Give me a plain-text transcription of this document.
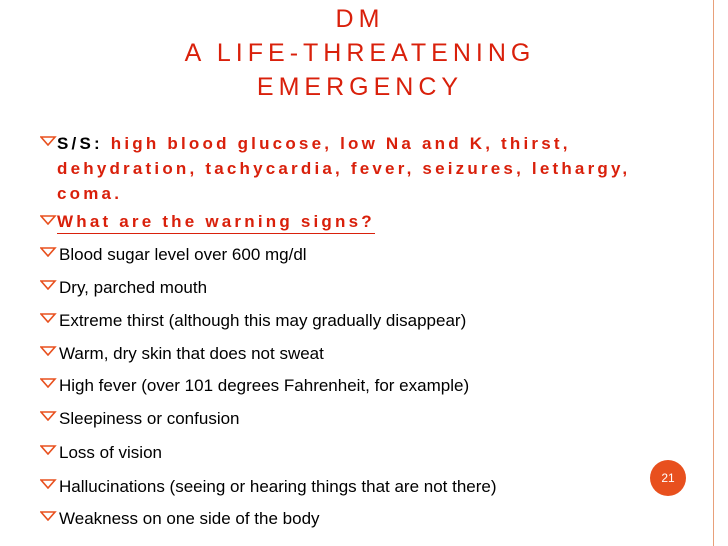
DM
A LIFE-THREATENING
EMERGENCY
S/S: high blood glucose, low Na and K, thirst, dehydration, tachycardia, fever, seizures, lethargy, coma.
What are the warning signs?
Blood sugar level over 600 mg/dl
Dry, parched mouth
Extreme thirst (although this may gradually disappear)
Warm, dry skin that does not sweat
High fever (over 101 degrees Fahrenheit, for example)
Sleepiness or confusion
Loss of vision
Hallucinations (seeing or hearing things that are not there)
Weakness on one side of the body
21
